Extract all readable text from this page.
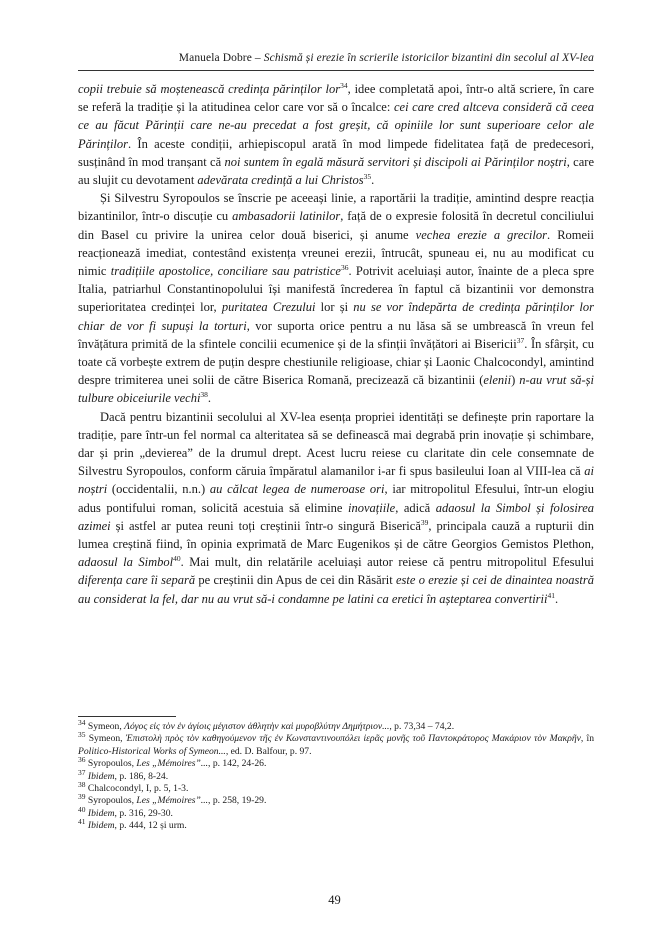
Manuela Dobre – Schismă și erezie în scrierile istoricilor bizantini din secolul al XV-lea

copii trebuie să moștenească credința părinților lor$^{34}$, idee completată apoi, într-o altă scriere, în care se referă la tradiție și la atitudinea celor care vor să o încalce: cei care cred altceva consideră că ceea ce au făcut Părinții care ne-au precedat a fost greșit, că opiniile lor sunt superioare celor ale Părinților. În aceste condiții, arhiepiscopul arată în mod limpede fidelitatea față de predecesori, susținând în mod tranșant că noi suntem în egală măsură servitori și discipoli ai Părinților noștri, care au slujit cu devotament adevărata credință a lui Christos$^{35}$.

Și Silvestru Syropoulos se înscrie pe aceeași linie, a raportării la tradiție, amintind despre reacția bizantinilor, într-o discuție cu ambasadorii latinilor, față de o expresie folosită în decretul conciliului din Basel cu privire la unirea celor două biserici, și anume vechea erezie a grecilor. Romeii reacționează imediat, contestând existența vreunei erezii, întrucât, spuneau ei, nu au modificat cu nimic tradițiile apostolice, conciliare sau patristice$^{36}$. Potrivit aceluiași autor, înainte de a pleca spre Italia, patriarhul Constantinopolului își manifestă încrederea în faptul că bizantinii vor demonstra superioritatea credinței lor, puritatea Crezului lor și nu se vor îndepărta de credința părinților lor chiar de vor fi supuși la torturi, vor suporta orice pentru a nu lăsa să se umbrească în vreun fel învățătura primită de la sfintele concilii ecumenice și de la sfinții învățători ai Bisericii$^{37}$. În sfârșit, cu toate că vorbește extrem de puțin despre chestiunile religioase, chiar și Laonic Chalcocondyl, amintind despre trimiterea unei solii de către Biserica Romană, precizează că bizantinii (elenii) n-au vrut să-și tulbure obiceiurile vechi$^{38}$.

Dacă pentru bizantinii secolului al XV-lea esența propriei identități se definește prin raportare la tradiție, pare într-un fel normal ca alteritatea să se definească mai degrabă prin inovație și schimbare, dar și prin „devierea” de la drumul drept. Acest lucru reiese cu claritate din cele consemnate de Silvestru Syropoulos, conform căruia împăratul alamanilor i-ar fi spus basileului Ioan al VIII-lea că ai noștri (occidentalii, n.n.) au călcat legea de numeroase ori, iar mitropolitul Efesului, într-un elogiu adus pontifului roman, solicită acestuia să elimine inovațiile, adică adaosul la Simbol și folosirea azimei și astfel ar putea reuni toți creștinii într-o singură Biserică$^{39}$, principala cauză a rupturii din lumea creștină fiind, în opinia exprimată de Marc Eugenikos și de către Georgios Gemistos Plethon, adaosul la Simbol$^{40}$. Mai mult, din relatările aceluiași autor reiese că pentru mitropolitul Efesului diferența care îi separă pe creștinii din Apus de cei din Răsărit este o erezie și cei de dinaintea noastră au considerat la fel, dar nu au vrut să-i condamne pe latini ca eretici în așteptarea convertirii$^{41}$.

$^{34}$ Symeon, Λόγος εἰς τὸν ἐν ἁγίοις μέγιστον ἀθλητὴν καὶ μυροβλύτην Δημήτριον..., p. 73,34 – 74,2.

$^{35}$ Symeon, Ἐπιστολὴ πρὸς τὸν καθηγούμενον τῆς ἐν Κωνσταντινουπόλει ἱερᾶς μονῆς τοῦ Παντοκράτορος Μακάριον τὸν Μακρῆν, în Politico-Historical Works of Symeon..., ed. D. Balfour, p. 97.

$^{36}$ Syropoulos, Les „Mémoires”..., p. 142, 24-26.

$^{37}$ Ibidem, p. 186, 8-24.

$^{38}$ Chalcocondyl, I, p. 5, 1-3.

$^{39}$ Syropoulos, Les „Mémoires”..., p. 258, 19-29.

$^{40}$ Ibidem, p. 316, 29-30.

$^{41}$ Ibidem, p. 444, 12 și urm.

49
